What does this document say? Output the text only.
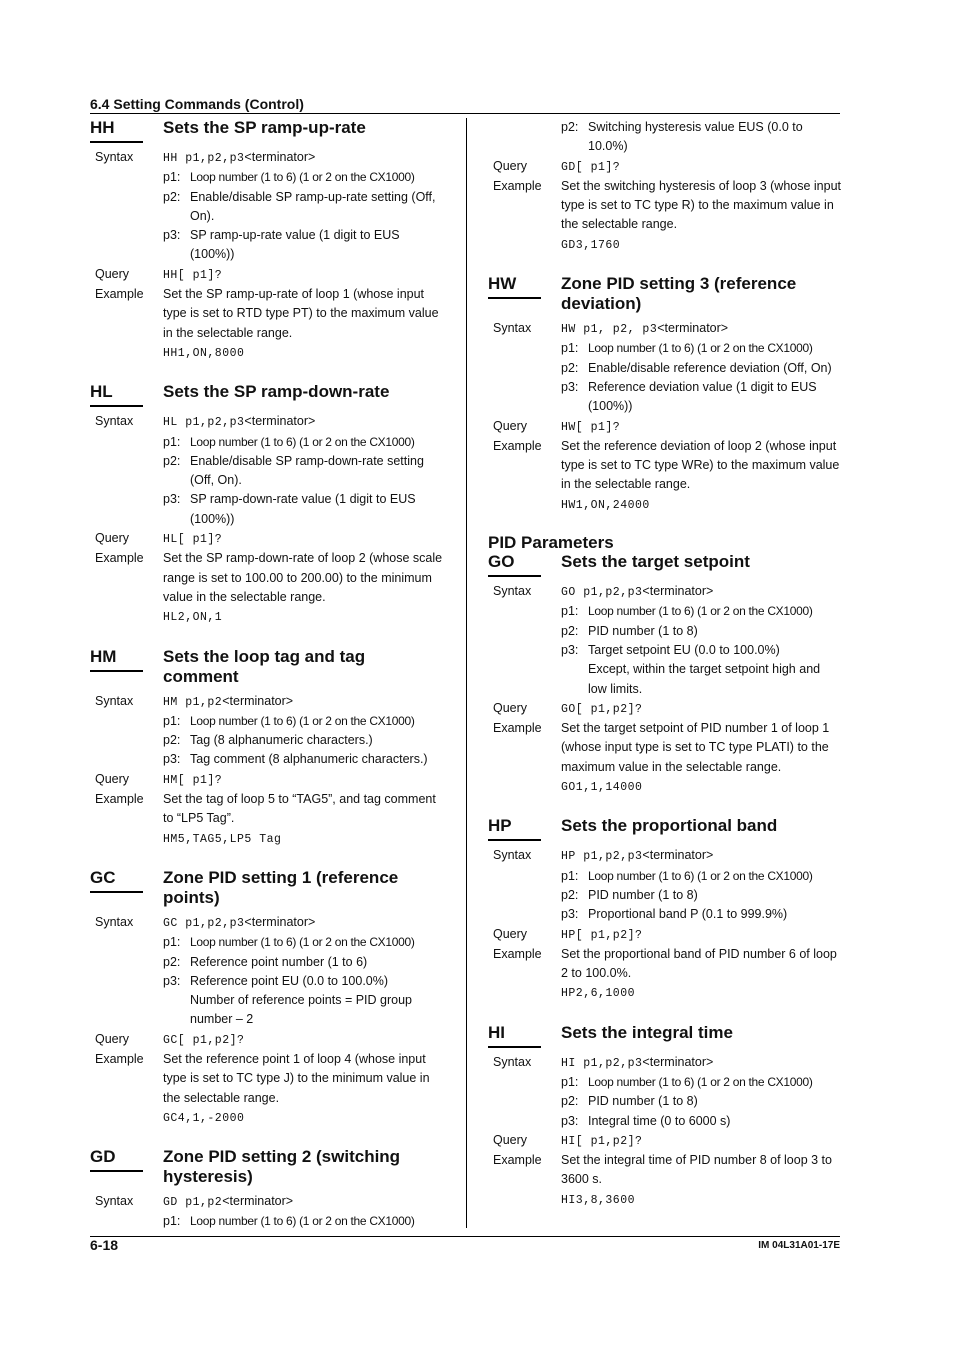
6.4 Setting Commands (Control)
HH	Sets the SP ramp-up-rate
Syntax	HH p1,p2,p3<terminator>
p1: Loop number (1 to 6) (1 or 2 on the CX1000)
p2: Enable/disable SP ramp-up-rate setting (Off, On).
p3: SP ramp-up-rate value (1 digit to EUS (100%))
Query	HH[ p1]?
Example	Set the SP ramp-up-rate of loop 1 (whose input type is set to RTD type PT) to the maximum value in the selectable range.
HH1,ON,8000
HL	Sets the SP ramp-down-rate
Syntax	HL p1,p2,p3<terminator>
p1: Loop number (1 to 6) (1 or 2 on the CX1000)
p2: Enable/disable SP ramp-down-rate setting (Off, On).
p3: SP ramp-down-rate value (1 digit to EUS (100%))
Query	HL[ p1]?
Example	Set the SP ramp-down-rate of loop 2 (whose scale range is set to 100.00 to 200.00) to the minimum value in the selectable range.
HL2,ON,1
HM	Sets the loop tag and tag comment
Syntax	HM p1,p2<terminator>
p1: Loop number (1 to 6) (1 or 2 on the CX1000)
p2: Tag (8 alphanumeric characters.)
p3: Tag comment (8 alphanumeric characters.)
Query	HM[ p1]?
Example	Set the tag of loop 5 to “TAG5”, and tag comment to “LP5 Tag”.
HM5,TAG5,LP5 Tag
GC	Zone PID setting 1 (reference points)
Syntax	GC p1,p2,p3<terminator>
p1: Loop number (1 to 6) (1 or 2 on the CX1000)
p2: Reference point number (1 to 6)
p3: Reference point EU (0.0 to 100.0%)
Number of reference points = PID group number – 2
Query	GC[ p1,p2]?
Example	Set the reference point 1 of loop 4 (whose input type is set to TC type J) to the minimum value in the selectable range.
GC4,1,-2000
GD	Zone PID setting 2 (switching hysteresis)
Syntax	GD p1,p2<terminator>
p1: Loop number (1 to 6) (1 or 2 on the CX1000)
p2: Switching hysteresis value EUS (0.0 to 10.0%)
Query	GD[ p1]?
Example	Set the switching hysteresis of loop 3 (whose input type is set to TC type R) to the maximum value in the selectable range.
GD3,1760
HW	Zone PID setting 3 (reference deviation)
Syntax	HW p1, p2, p3<terminator>
p1: Loop number (1 to 6) (1 or 2 on the CX1000)
p2: Enable/disable reference deviation (Off, On)
p3: Reference deviation value (1 digit to EUS (100%))
Query	HW[ p1]?
Example	Set the reference deviation of loop 2 (whose input type is set to TC type WRe) to the maximum value in the selectable range.
HW1,ON,24000
PID Parameters
GO	Sets the target setpoint
Syntax	GO p1,p2,p3<terminator>
p1: Loop number (1 to 6) (1 or 2 on the CX1000)
p2: PID number (1 to 8)
p3: Target setpoint EU (0.0 to 100.0%)
Except, within the target setpoint high and low limits.
Query	GO[ p1,p2]?
Example	Set the target setpoint of PID number 1 of loop 1 (whose input type is set to TC type PLATI) to the maximum value in the selectable range.
GO1,1,14000
HP	Sets the proportional band
Syntax	HP p1,p2,p3<terminator>
p1: Loop number (1 to 6) (1 or 2 on the CX1000)
p2: PID number (1 to 8)
p3: Proportional band P (0.1 to 999.9%)
Query	HP[ p1,p2]?
Example	Set the proportional band of PID number 6 of loop 2 to 100.0%.
HP2,6,1000
HI	Sets the integral time
Syntax	HI p1,p2,p3<terminator>
p1: Loop number (1 to 6) (1 or 2 on the CX1000)
p2: PID number (1 to 8)
p3: Integral time (0 to 6000 s)
Query	HI[ p1,p2]?
Example	Set the integral time of PID number 8 of loop 3 to 3600 s.
HI3,8,3600
6-18	IM 04L31A01-17E
